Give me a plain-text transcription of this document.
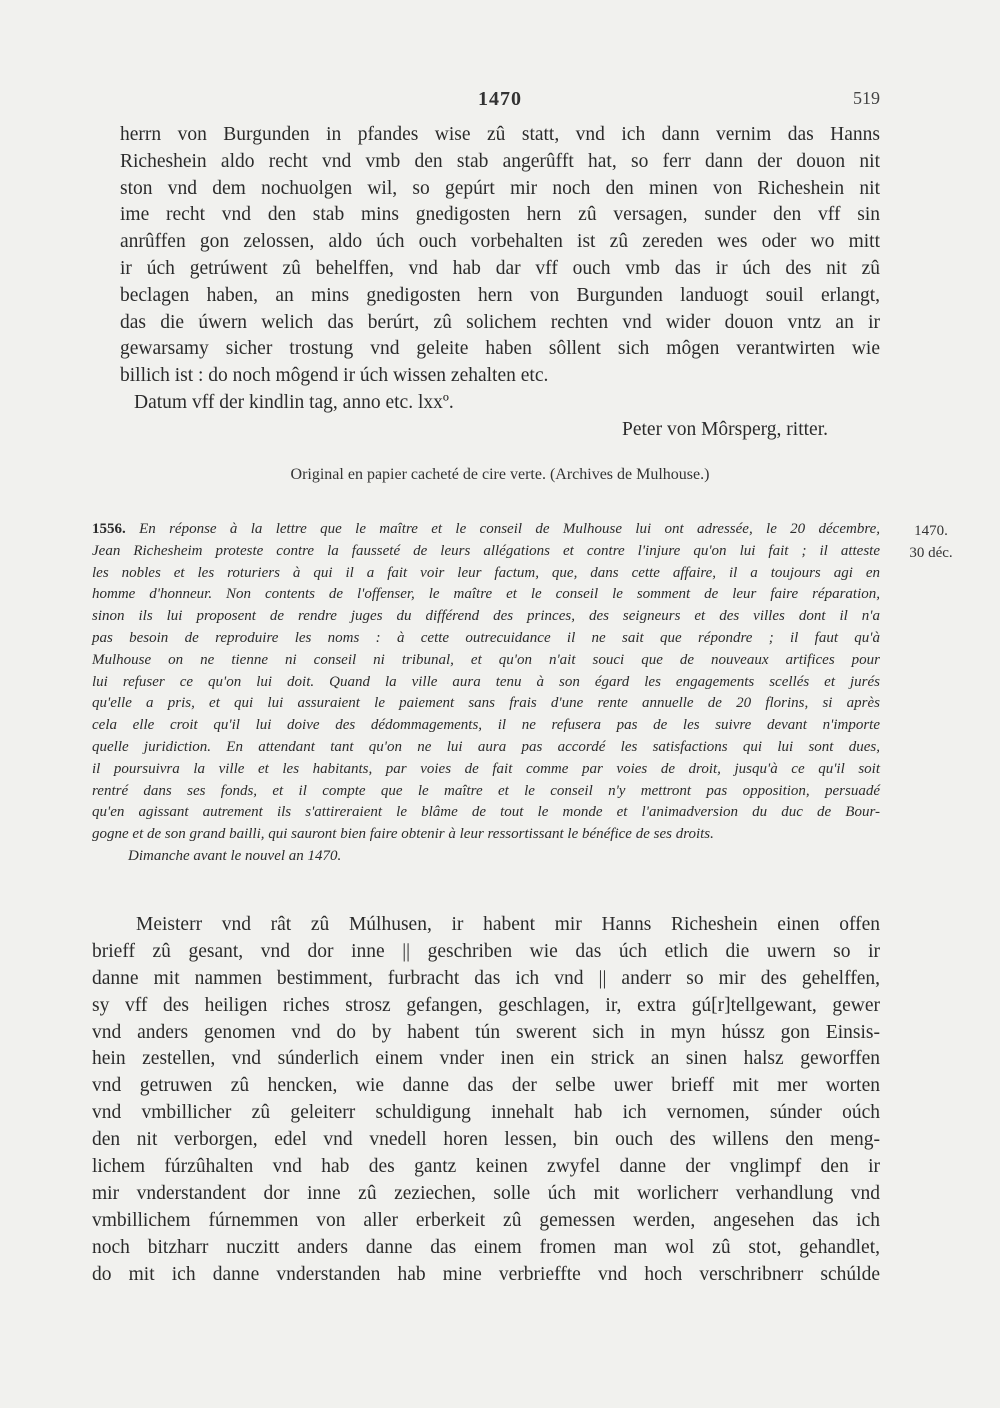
1470	519
herrn von Burgunden in pfandes wise zû statt, vnd ich dann vernim das Hanns
Richeshein aldo recht vnd vmb den stab angerûfft hat, so ferr dann der douon nit
ston vnd dem nochuolgen wil, so gepúrt mir noch den minen von Richeshein nit
ime recht vnd den stab mins gnedigosten hern zû versagen, sunder den vff sin
anrûffen gon zelossen, aldo úch ouch vorbehalten ist zû zereden wes oder wo mitt
ir úch getrúwent zû behelffen, vnd hab dar vff ouch vmb das ir úch des nit zû
beclagen haben, an mins gnedigosten hern von Burgunden landuogt souil erlangt,
das die úwern welich das berúrt, zû solichem rechten vnd wider douon vntz an ir
gewarsamy sicher trostung vnd geleite haben sôllent sich môgen verantwirten wie
billich ist : do noch môgend ir úch wissen zehalten etc.
Datum vff der kindlin tag, anno etc. lxxº.
Peter von Môrsperg, ritter.
Original en papier cacheté de cire verte. (Archives de Mulhouse.)
1470.
30 déc.
1556. En réponse à la lettre que le maître et le conseil de Mulhouse lui ont adressée, le 20 décembre,
Jean Richesheim proteste contre la fausseté de leurs allégations et contre l'injure qu'on lui fait ; il atteste
les nobles et les roturiers à qui il a fait voir leur factum, que, dans cette affaire, il a toujours agi en
homme d'honneur. Non contents de l'offenser, le maître et le conseil le somment de leur faire réparation,
sinon ils lui proposent de rendre juges du différend des princes, des seigneurs et des villes dont il n'a
pas besoin de reproduire les noms : à cette outrecuidance il ne sait que répondre ; il faut qu'à
Mulhouse on ne tienne ni conseil ni tribunal, et qu'on n'ait souci que de nouveaux artifices pour
lui refuser ce qu'on lui doit. Quand la ville aura tenu à son égard les engagements scellés et jurés
qu'elle a pris, et qui lui assuraient le paiement sans frais d'une rente annuelle de 20 florins, si après
cela elle croit qu'il lui doive des dédommagements, il ne refusera pas de les suivre devant n'importe
quelle juridiction. En attendant tant qu'on ne lui aura pas accordé les satisfactions qui lui sont dues,
il poursuivra la ville et les habitants, par voies de fait comme par voies de droit, jusqu'à ce qu'il soit
rentré dans ses fonds, et il compte que le maître et le conseil n'y mettront pas opposition, persuadé
qu'en agissant autrement ils s'attireraient le blâme de tout le monde et l'animadversion du duc de Bour-
gogne et de son grand bailli, qui sauront bien faire obtenir à leur ressortissant le bénéfice de ses droits.
Dimanche avant le nouvel an 1470.
Meisterr vnd rât zû Múlhusen, ir habent mir Hanns Richeshein einen offen
brieff zû gesant, vnd dor inne || geschriben wie das úch etlich die uwern so ir
danne mit nammen bestimment, furbracht das ich vnd || anderr so mir des gehelffen,
sy vff des heiligen riches strosz gefangen, geschlagen, ir, extra gú[r]tellgewant, gewer
vnd anders genomen vnd do by habent tún swerent sich in myn hússz gon Einsis-
hein zestellen, vnd súnderlich einem vnder inen ein strick an sinen halsz geworffen
vnd getruwen zû hencken, wie danne das der selbe uwer brieff mit mer worten
vnd vmbillicher zû geleiterr schuldigung innehalt hab ich vernomen, súnder oúch
den nit verborgen, edel vnd vnedell horen lessen, bin ouch des willens den meng-
lichem fúrzûhalten vnd hab des gantz keinen zwyfel danne der vnglimpf den ir
mir vnderstandent dor inne zû zeziechen, solle úch mit worlicherr verhandlung vnd
vmbillichem fúrnemmen von aller erberkeit zû gemessen werden, angesehen das ich
noch bitzharr nuczitt anders danne das einem fromen man wol zû stot, gehandlet,
do mit ich danne vnderstanden hab mine verbrieffte vnd hoch verschribnerr schúlde
